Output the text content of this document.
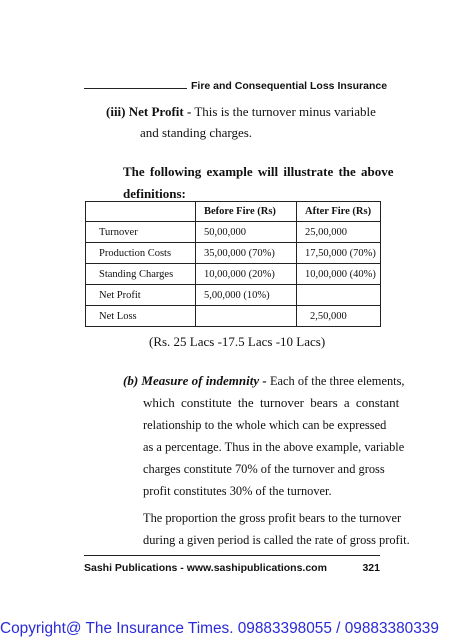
Fire and Consequential Loss Insurance
(iii) Net Profit - This is the turnover minus variable
and standing charges.
The following example will illustrate the above
definitions:
	Before Fire (Rs)	After Fire (Rs)
Turnover	50,00,000	25,00,000
Production Costs	35,00,000 (70%)	17,50,000 (70%)
Standing Charges	10,00,000 (20%)	10,00,000 (40%)
Net Profit	5,00,000 (10%)	
Net Loss		2,50,000
(Rs. 25 Lacs -17.5 Lacs -10 Lacs)
(b) Measure of indemnity - Each of the three elements,
which constitute the turnover bears a constant
relationship to the whole which can be expressed
as a percentage. Thus in the above example, variable
charges constitute 70% of the turnover and gross
profit constitutes 30% of the turnover.
The proportion the gross profit bears to the turnover
during a given period is called the rate of gross profit.
Sashi Publications - www.sashipublications.com	321
Copyright@ The Insurance Times. 09883398055 / 09883380339
